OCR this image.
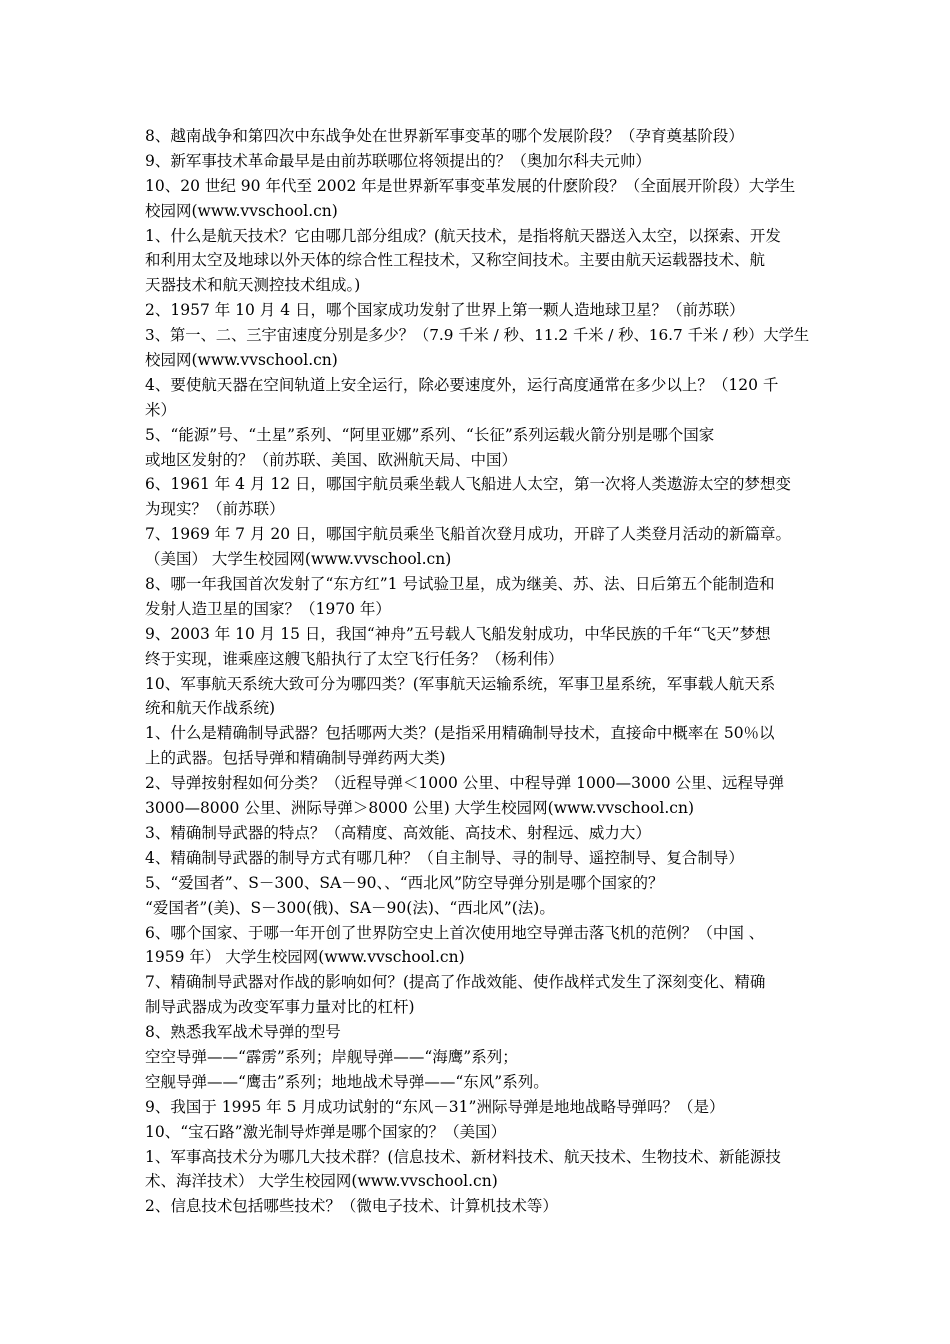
8、越南战争和第四次中东战争处在世界新军事变革的哪个发展阶段？（孕育奠基阶段）
9、新军事技术革命最早是由前苏联哪位将领提出的？（奥加尔科夫元帅）
10、20 世纪 90 年代至 2002 年是世界新军事变革发展的什麽阶段？（全面展开阶段）大学生
校园网(www.vvschool.cn)
1、什么是航天技术？它由哪几部分组成？(航天技术，是指将航天器送入太空，以探索、开发
和利用太空及地球以外天体的综合性工程技术，又称空间技术。主要由航天运载器技术、航
天器技术和航天测控技术组成。)
2、1957 年 10 月 4 日，哪个国家成功发射了世界上第一颗人造地球卫星？（前苏联）
3、第一、二、三宇宙速度分别是多少？（7.9 千米 / 秒、11.2 千米 / 秒、16.7 千米 / 秒）大学生
校园网(www.vvschool.cn)
4、要使航天器在空间轨道上安全运行，除必要速度外，运行高度通常在多少以上？（120 千
米）
5、“能源”号、“土星”系列、“阿里亚娜”系列、“长征”系列运载火箭分别是哪个国家
或地区发射的？（前苏联、美国、欧洲航天局、中国）
6、1961 年 4 月 12 日，哪国宇航员乘坐载人飞船进人太空，第一次将人类遨游太空的梦想变
为现实？（前苏联）
7、1969 年 7 月 20 日，哪国宇航员乘坐飞船首次登月成功，开辟了人类登月活动的新篇章。
（美国） 大学生校园网(www.vvschool.cn)
8、哪一年我国首次发射了“东方红”1 号试验卫星，成为继美、苏、法、日后第五个能制造和
发射人造卫星的国家？（1970 年）
9、2003 年 10 月 15 日，我国“神舟”五号载人飞船发射成功，中华民族的千年“飞天”梦想
终于实现，谁乘座这艘飞船执行了太空飞行任务？（杨利伟）
10、军事航天系统大致可分为哪四类？(军事航天运输系统，军事卫星系统，军事载人航天系
统和航天作战系统)
1、什么是精确制导武器？包括哪两大类？(是指采用精确制导技术，直接命中概率在 50％以
上的武器。包括导弹和精确制导弹药两大类)
2、导弹按射程如何分类？（近程导弹＜1000 公里、中程导弹 1000—3000 公里、远程导弹
3000—8000 公里、洲际导弹＞8000 公里) 大学生校园网(www.vvschool.cn)
3、精确制导武器的特点？（高精度、高效能、高技术、射程远、威力大）
4、精确制导武器的制导方式有哪几种？（自主制导、寻的制导、遥控制导、复合制导）
5、“爱国者”、S－300、SA－90、、“西北风”防空导弹分别是哪个国家的？
“爱国者”(美)、S－300(俄)、SA－90(法)、“西北风”(法)。
6、哪个国家、于哪一年开创了世界防空史上首次使用地空导弹击落飞机的范例？（中国 、
1959 年） 大学生校园网(www.vvschool.cn)
7、精确制导武器对作战的影响如何？(提高了作战效能、使作战样式发生了深刻变化、精确
制导武器成为改变军事力量对比的杠杆)
8、熟悉我军战术导弹的型号
空空导弹——“霹雳”系列；岸舰导弹——“海鹰”系列；
空舰导弹——“鹰击”系列；地地战术导弹——“东风”系列。
9、我国于 1995 年 5 月成功试射的“东风－31”洲际导弹是地地战略导弹吗？（是）
10、“宝石路”激光制导炸弹是哪个国家的？（美国）
1、军事高技术分为哪几大技术群？(信息技术、新材料技术、航天技术、生物技术、新能源技
术、海洋技术） 大学生校园网(www.vvschool.cn)
2、信息技术包括哪些技术？（微电子技术、计算机技术等）
